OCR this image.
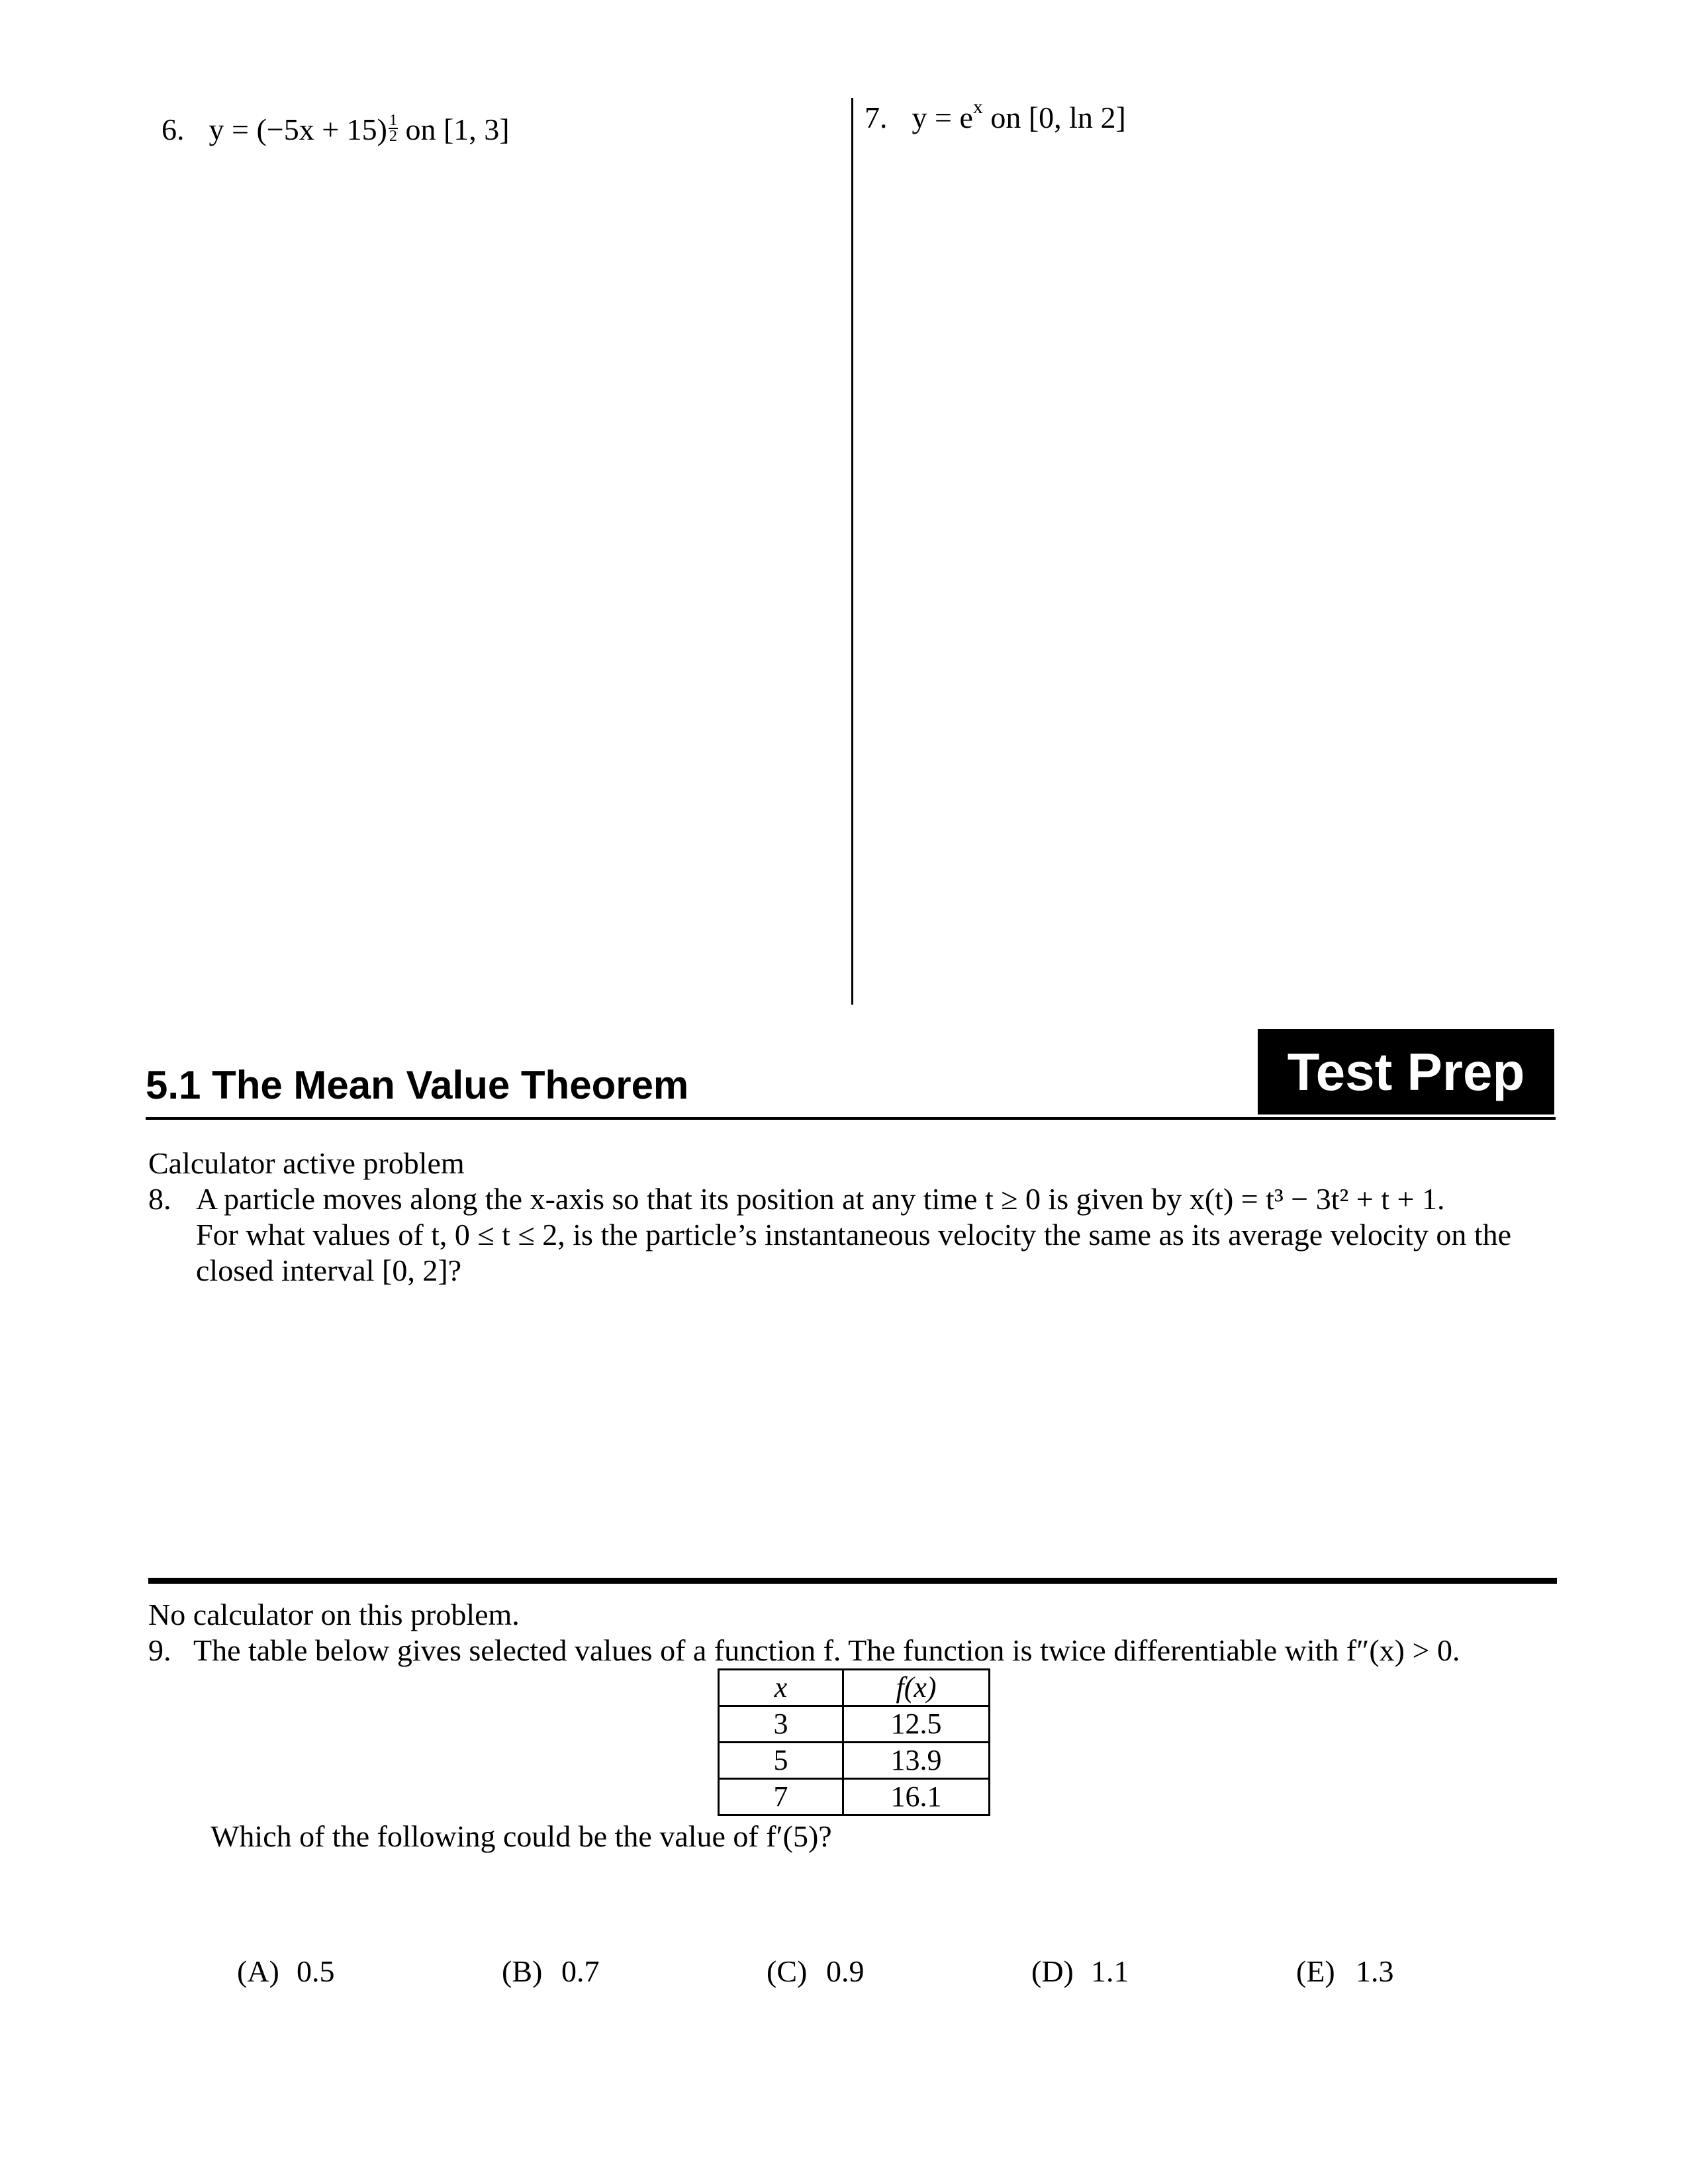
6. y = (−5x + 15) $^{\frac{1}{2}}$ on [1, 3]	7. $y = e^x$ on [0, ln 2]
5.1 The Mean Value Theorem	Test Prep
Calculator active problem
8. A particle moves along the x-axis so that its position at any time t ≥ 0 is given by x(t) = t³ − 3t² + t + 1.
For what values of t, 0 ≤ t ≤ 2, is the particle’s instantaneous velocity the same as its average velocity on the
closed interval [0, 2]?
No calculator on this problem.
9. The table below gives selected values of a function f. The function is twice differentiable with f″(x) > 0.
x	f(x)
3	12.5
5	13.9
7	16.1
Which of the following could be the value of f′(5)?
(A) 0.5	(B) 0.7	(C) 0.9	(D) 1.1	(E) 1.3
